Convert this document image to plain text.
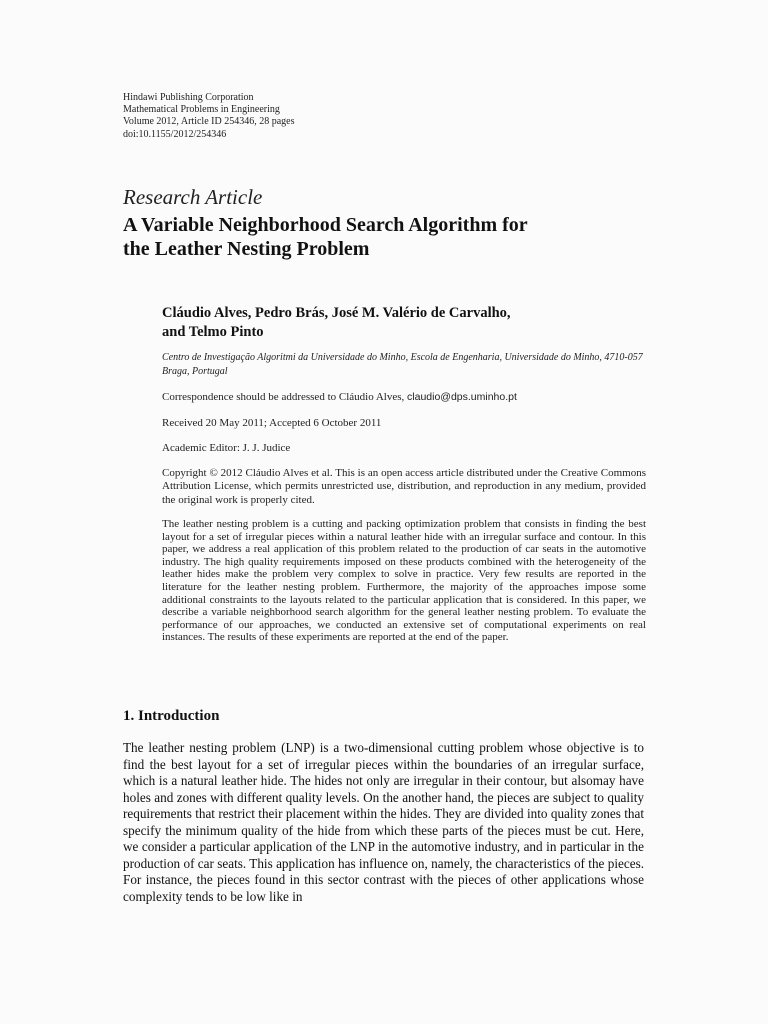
Hindawi Publishing Corporation
Mathematical Problems in Engineering
Volume 2012, Article ID 254346, 28 pages
doi:10.1155/2012/254346
Research Article
A Variable Neighborhood Search Algorithm for
the Leather Nesting Problem
Cláudio Alves, Pedro Brás, José M. Valério de Carvalho,
and Telmo Pinto
Centro de Investigação Algoritmi da Universidade do Minho, Escola de Engenharia, Universidade do Minho, 4710-057 Braga, Portugal
Correspondence should be addressed to Cláudio Alves, claudio@dps.uminho.pt
Received 20 May 2011; Accepted 6 October 2011
Academic Editor: J. J. Judice
Copyright © 2012 Cláudio Alves et al. This is an open access article distributed under the Creative Commons Attribution License, which permits unrestricted use, distribution, and reproduction in any medium, provided the original work is properly cited.
The leather nesting problem is a cutting and packing optimization problem that consists in finding the best layout for a set of irregular pieces within a natural leather hide with an irregular surface and contour. In this paper, we address a real application of this problem related to the production of car seats in the automotive industry. The high quality requirements imposed on these products combined with the heterogeneity of the leather hides make the problem very complex to solve in practice. Very few results are reported in the literature for the leather nesting problem. Furthermore, the majority of the approaches impose some additional constraints to the layouts related to the particular application that is considered. In this paper, we describe a variable neighborhood search algorithm for the general leather nesting problem. To evaluate the performance of our approaches, we conducted an extensive set of computational experiments on real instances. The results of these experiments are reported at the end of the paper.
1. Introduction
The leather nesting problem (LNP) is a two-dimensional cutting problem whose objective is to find the best layout for a set of irregular pieces within the boundaries of an irregular surface, which is a natural leather hide. The hides not only are irregular in their contour, but alsomay have holes and zones with different quality levels. On the another hand, the pieces are subject to quality requirements that restrict their placement within the hides. They are divided into quality zones that specify the minimum quality of the hide from which these parts of the pieces must be cut. Here, we consider a particular application of the LNP in the automotive industry, and in particular in the production of car seats. This application has influence on, namely, the characteristics of the pieces. For instance, the pieces found in this sector contrast with the pieces of other applications whose complexity tends to be low like in
